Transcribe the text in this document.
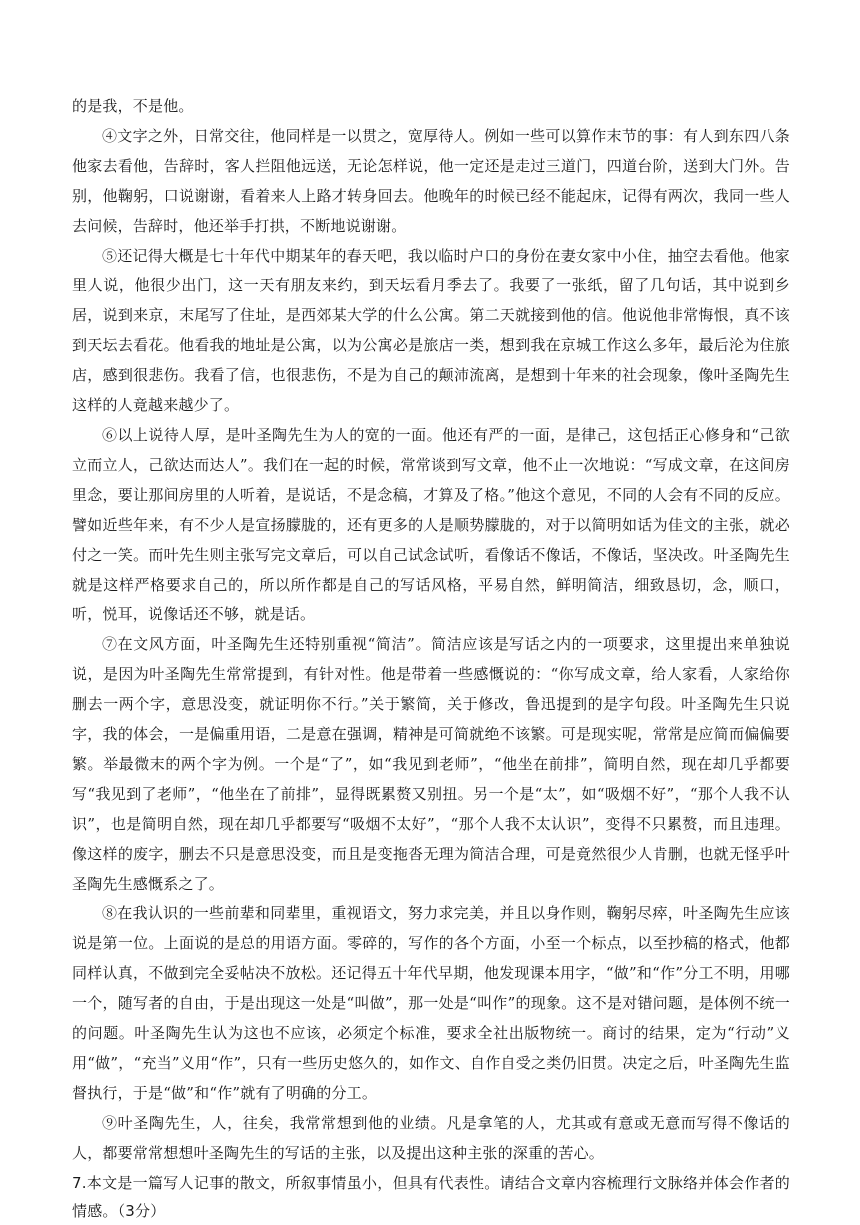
的是我，不是他。

④文字之外，日常交往，他同样是一以贯之，宽厚待人。例如一些可以算作末节的事：有人到东四八条他家去看他，告辞时，客人拦阻他远送，无论怎样说，他一定还是走过三道门，四道台阶，送到大门外。告别，他鞠躬，口说谢谢，看着来人上路才转身回去。他晚年的时候已经不能起床，记得有两次，我同一些人去问候，告辞时，他还举手打拱，不断地说谢谢。

⑤还记得大概是七十年代中期某年的春天吧，我以临时户口的身份在妻女家中小住，抽空去看他。他家里人说，他很少出门，这一天有朋友来约，到天坛看月季去了。我要了一张纸，留了几句话，其中说到乡居，说到来京，末尾写了住址，是西郊某大学的什么公寓。第二天就接到他的信。他说他非常悔恨，真不该到天坛去看花。他看我的地址是公寓，以为公寓必是旅店一类，想到我在京城工作这么多年，最后沦为住旅店，感到很悲伤。我看了信，也很悲伤，不是为自己的颠沛流离，是想到十年来的社会现象，像叶圣陶先生这样的人竟越来越少了。

⑥以上说待人厚，是叶圣陶先生为人的宽的一面。他还有严的一面，是律己，这包括正心修身和“己欲立而立人，己欲达而达人”。我们在一起的时候，常常谈到写文章，他不止一次地说：“写成文章，在这间房里念，要让那间房里的人听着，是说话，不是念稿，才算及了格。”他这个意见，不同的人会有不同的反应。譬如近些年来，有不少人是宣扬朦胧的，还有更多的人是顺势朦胧的，对于以简明如话为佳文的主张，就必付之一笑。而叶先生则主张写完文章后，可以自己试念试听，看像话不像话，不像话，坚决改。叶圣陶先生就是这样严格要求自己的，所以所作都是自己的写话风格，平易自然，鲜明简洁，细致恳切，念，顺口，听，悦耳，说像话还不够，就是话。

⑦在文风方面，叶圣陶先生还特别重视“简洁”。简洁应该是写话之内的一项要求，这里提出来单独说说，是因为叶圣陶先生常常提到，有针对性。他是带着一些感慨说的：“你写成文章，给人家看，人家给你删去一两个字，意思没变，就证明你不行。”关于繁简，关于修改，鲁迅提到的是字句段。叶圣陶先生只说字，我的体会，一是偏重用语，二是意在强调，精神是可简就绝不该繁。可是现实呢，常常是应简而偏偏要繁。举最微末的两个字为例。一个是“了”，如“我见到老师”，“他坐在前排”，简明自然，现在却几乎都要写“我见到了老师”，“他坐在了前排”，显得既累赘又别扭。另一个是“太”，如“吸烟不好”，“那个人我不认识”，也是简明自然，现在却几乎都要写“吸烟不太好”，“那个人我不太认识”，变得不只累赘，而且违理。像这样的废字，删去不只是意思没变，而且是变拖沓无理为简洁合理，可是竟然很少人肯删，也就无怪乎叶圣陶先生感慨系之了。

⑧在我认识的一些前辈和同辈里，重视语文，努力求完美，并且以身作则，鞠躬尽瘁，叶圣陶先生应该说是第一位。上面说的是总的用语方面。零碎的，写作的各个方面，小至一个标点，以至抄稿的格式，他都同样认真，不做到完全妥帖决不放松。还记得五十年代早期，他发现课本用字，“做”和“作”分工不明，用哪一个，随写者的自由，于是出现这一处是“叫做”，那一处是“叫作”的现象。这不是对错问题，是体例不统一的问题。叶圣陶先生认为这也不应该，必须定个标准，要求全社出版物统一。商讨的结果，定为“行动”义用“做”，“充当”义用“作”，只有一些历史悠久的，如作文、自作自受之类仍旧贯。决定之后，叶圣陶先生监督执行，于是“做”和“作”就有了明确的分工。

⑨叶圣陶先生，人，往矣，我常常想到他的业绩。凡是拿笔的人，尤其或有意或无意而写得不像话的人，都要常常想想叶圣陶先生的写话的主张，以及提出这种主张的深重的苦心。

7.本文是一篇写人记事的散文，所叙事情虽小，但具有代表性。请结合文章内容梳理行文脉络并体会作者的情感。（3分）
